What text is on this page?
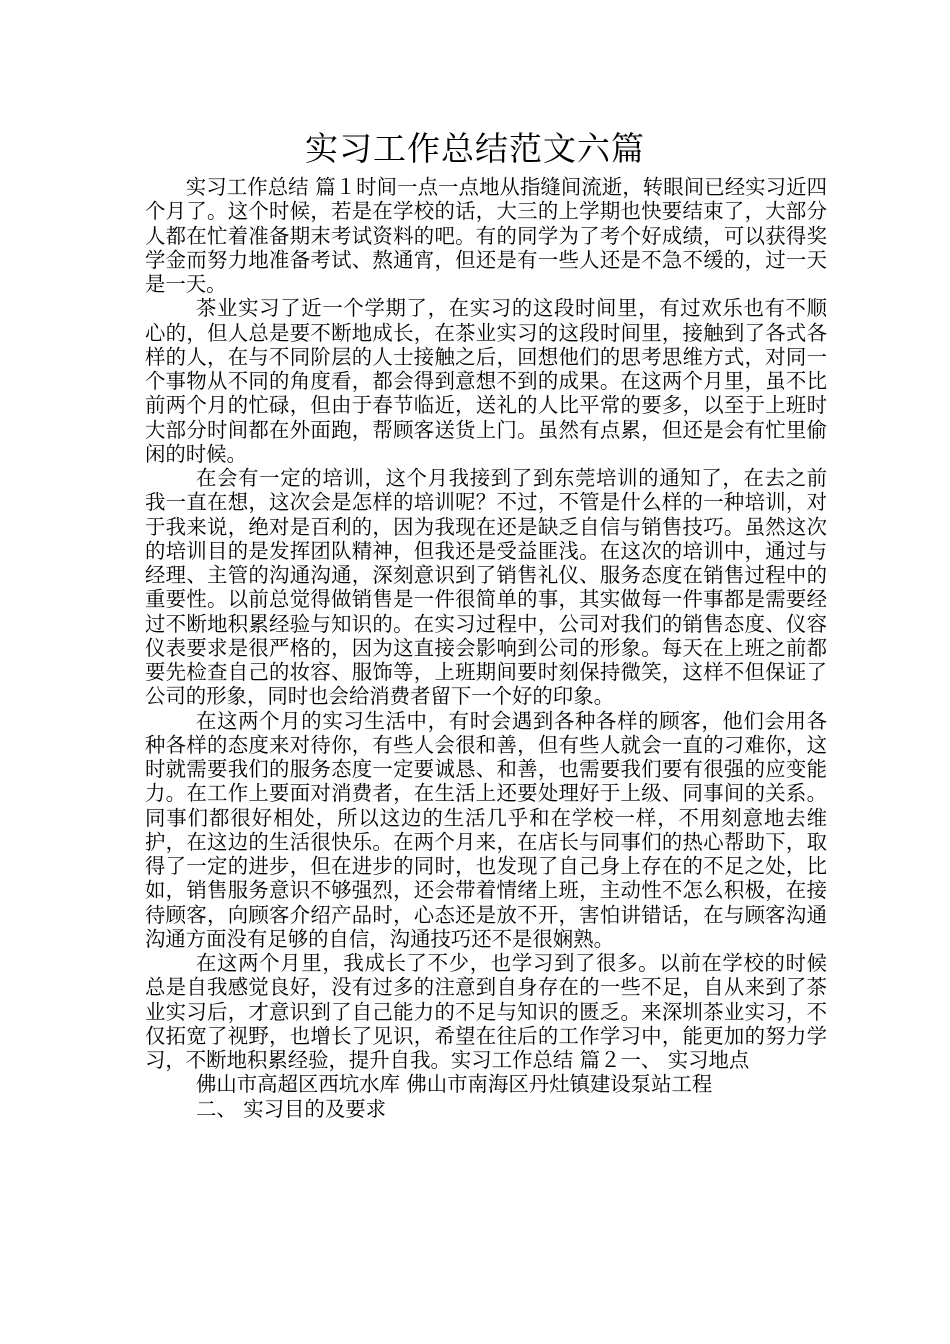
实习工作总结范文六篇

实习工作总结 篇１时间一点一点地从指缝间流逝，转眼间已经实习近四个月了。这个时候，若是在学校的话，大三的上学期也快要结束了，大部分人都在忙着准备期末考试资料的吧。有的同学为了考个好成绩，可以获得奖学金而努力地准备考试、熬通宵，但还是有一些人还是不急不缓的，过一天是一天。

茶业实习了近一个学期了，在实习的这段时间里，有过欢乐也有不顺心的，但人总是要不断地成长，在茶业实习的这段时间里，接触到了各式各样的人，在与不同阶层的人士接触之后，回想他们的思考思维方式，对同一个事物从不同的角度看，都会得到意想不到的成果。在这两个月里，虽不比前两个月的忙碌，但由于春节临近，送礼的人比平常的要多，以至于上班时大部分时间都在外面跑，帮顾客送货上门。虽然有点累，但还是会有忙里偷闲的时候。

在会有一定的培训，这个月我接到了到东莞培训的通知了，在去之前我一直在想，这次会是怎样的培训呢？不过，不管是什么样的一种培训，对于我来说，绝对是百利的，因为我现在还是缺乏自信与销售技巧。虽然这次的培训目的是发挥团队精神，但我还是受益匪浅。在这次的培训中，通过与经理、主管的沟通沟通，深刻意识到了销售礼仪、服务态度在销售过程中的重要性。以前总觉得做销售是一件很简单的事，其实做每一件事都是需要经过不断地积累经验与知识的。在实习过程中，公司对我们的销售态度、仪容仪表要求是很严格的，因为这直接会影响到公司的形象。每天在上班之前都要先检查自己的妆容、服饰等，上班期间要时刻保持微笑，这样不但保证了公司的形象，同时也会给消费者留下一个好的印象。

在这两个月的实习生活中，有时会遇到各种各样的顾客，他们会用各种各样的态度来对待你，有些人会很和善，但有些人就会一直的刁难你，这时就需要我们的服务态度一定要诚恳、和善，也需要我们要有很强的应变能力。在工作上要面对消费者，在生活上还要处理好于上级、同事间的关系。同事们都很好相处，所以这边的生活几乎和在学校一样，不用刻意地去维护，在这边的生活很快乐。在两个月来，在店长与同事们的热心帮助下，取得了一定的进步，但在进步的同时，也发现了自己身上存在的不足之处，比如，销售服务意识不够强烈，还会带着情绪上班，主动性不怎么积极，在接待顾客，向顾客介绍产品时，心态还是放不开，害怕讲错话，在与顾客沟通沟通方面没有足够的自信，沟通技巧还不是很娴熟。

在这两个月里，我成长了不少，也学习到了很多。以前在学校的时候总是自我感觉良好，没有过多的注意到自身存在的一些不足，自从来到了茶业实习后，才意识到了自己能力的不足与知识的匮乏。来深圳茶业实习，不仅拓宽了视野，也增长了见识，希望在往后的工作学习中，能更加的努力学习，不断地积累经验，提升自我。实习工作总结 篇２一、 实习地点

佛山市高超区西坑水库 佛山市南海区丹灶镇建设泵站工程

二、 实习目的及要求
